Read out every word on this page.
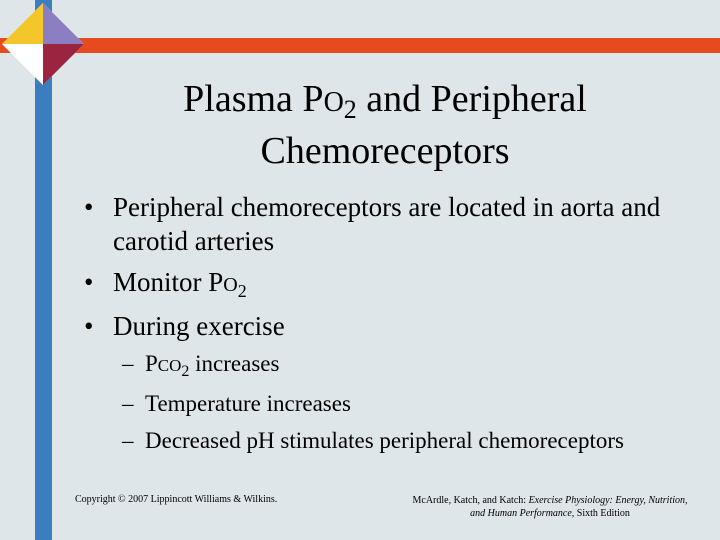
Plasma PO2 and Peripheral
Chemoreceptors
• Peripheral chemoreceptors are located in aorta and carotid arteries
• Monitor $PO_2$
• During exercise
– $PCO_2$ increases
– Temperature increases
– Decreased pH stimulates peripheral chemoreceptors
Copyright © 2007 Lippincott Williams & Wilkins.	McArdle, Katch, and Katch: Exercise Physiology: Energy, Nutrition, and Human Performance, Sixth Edition
